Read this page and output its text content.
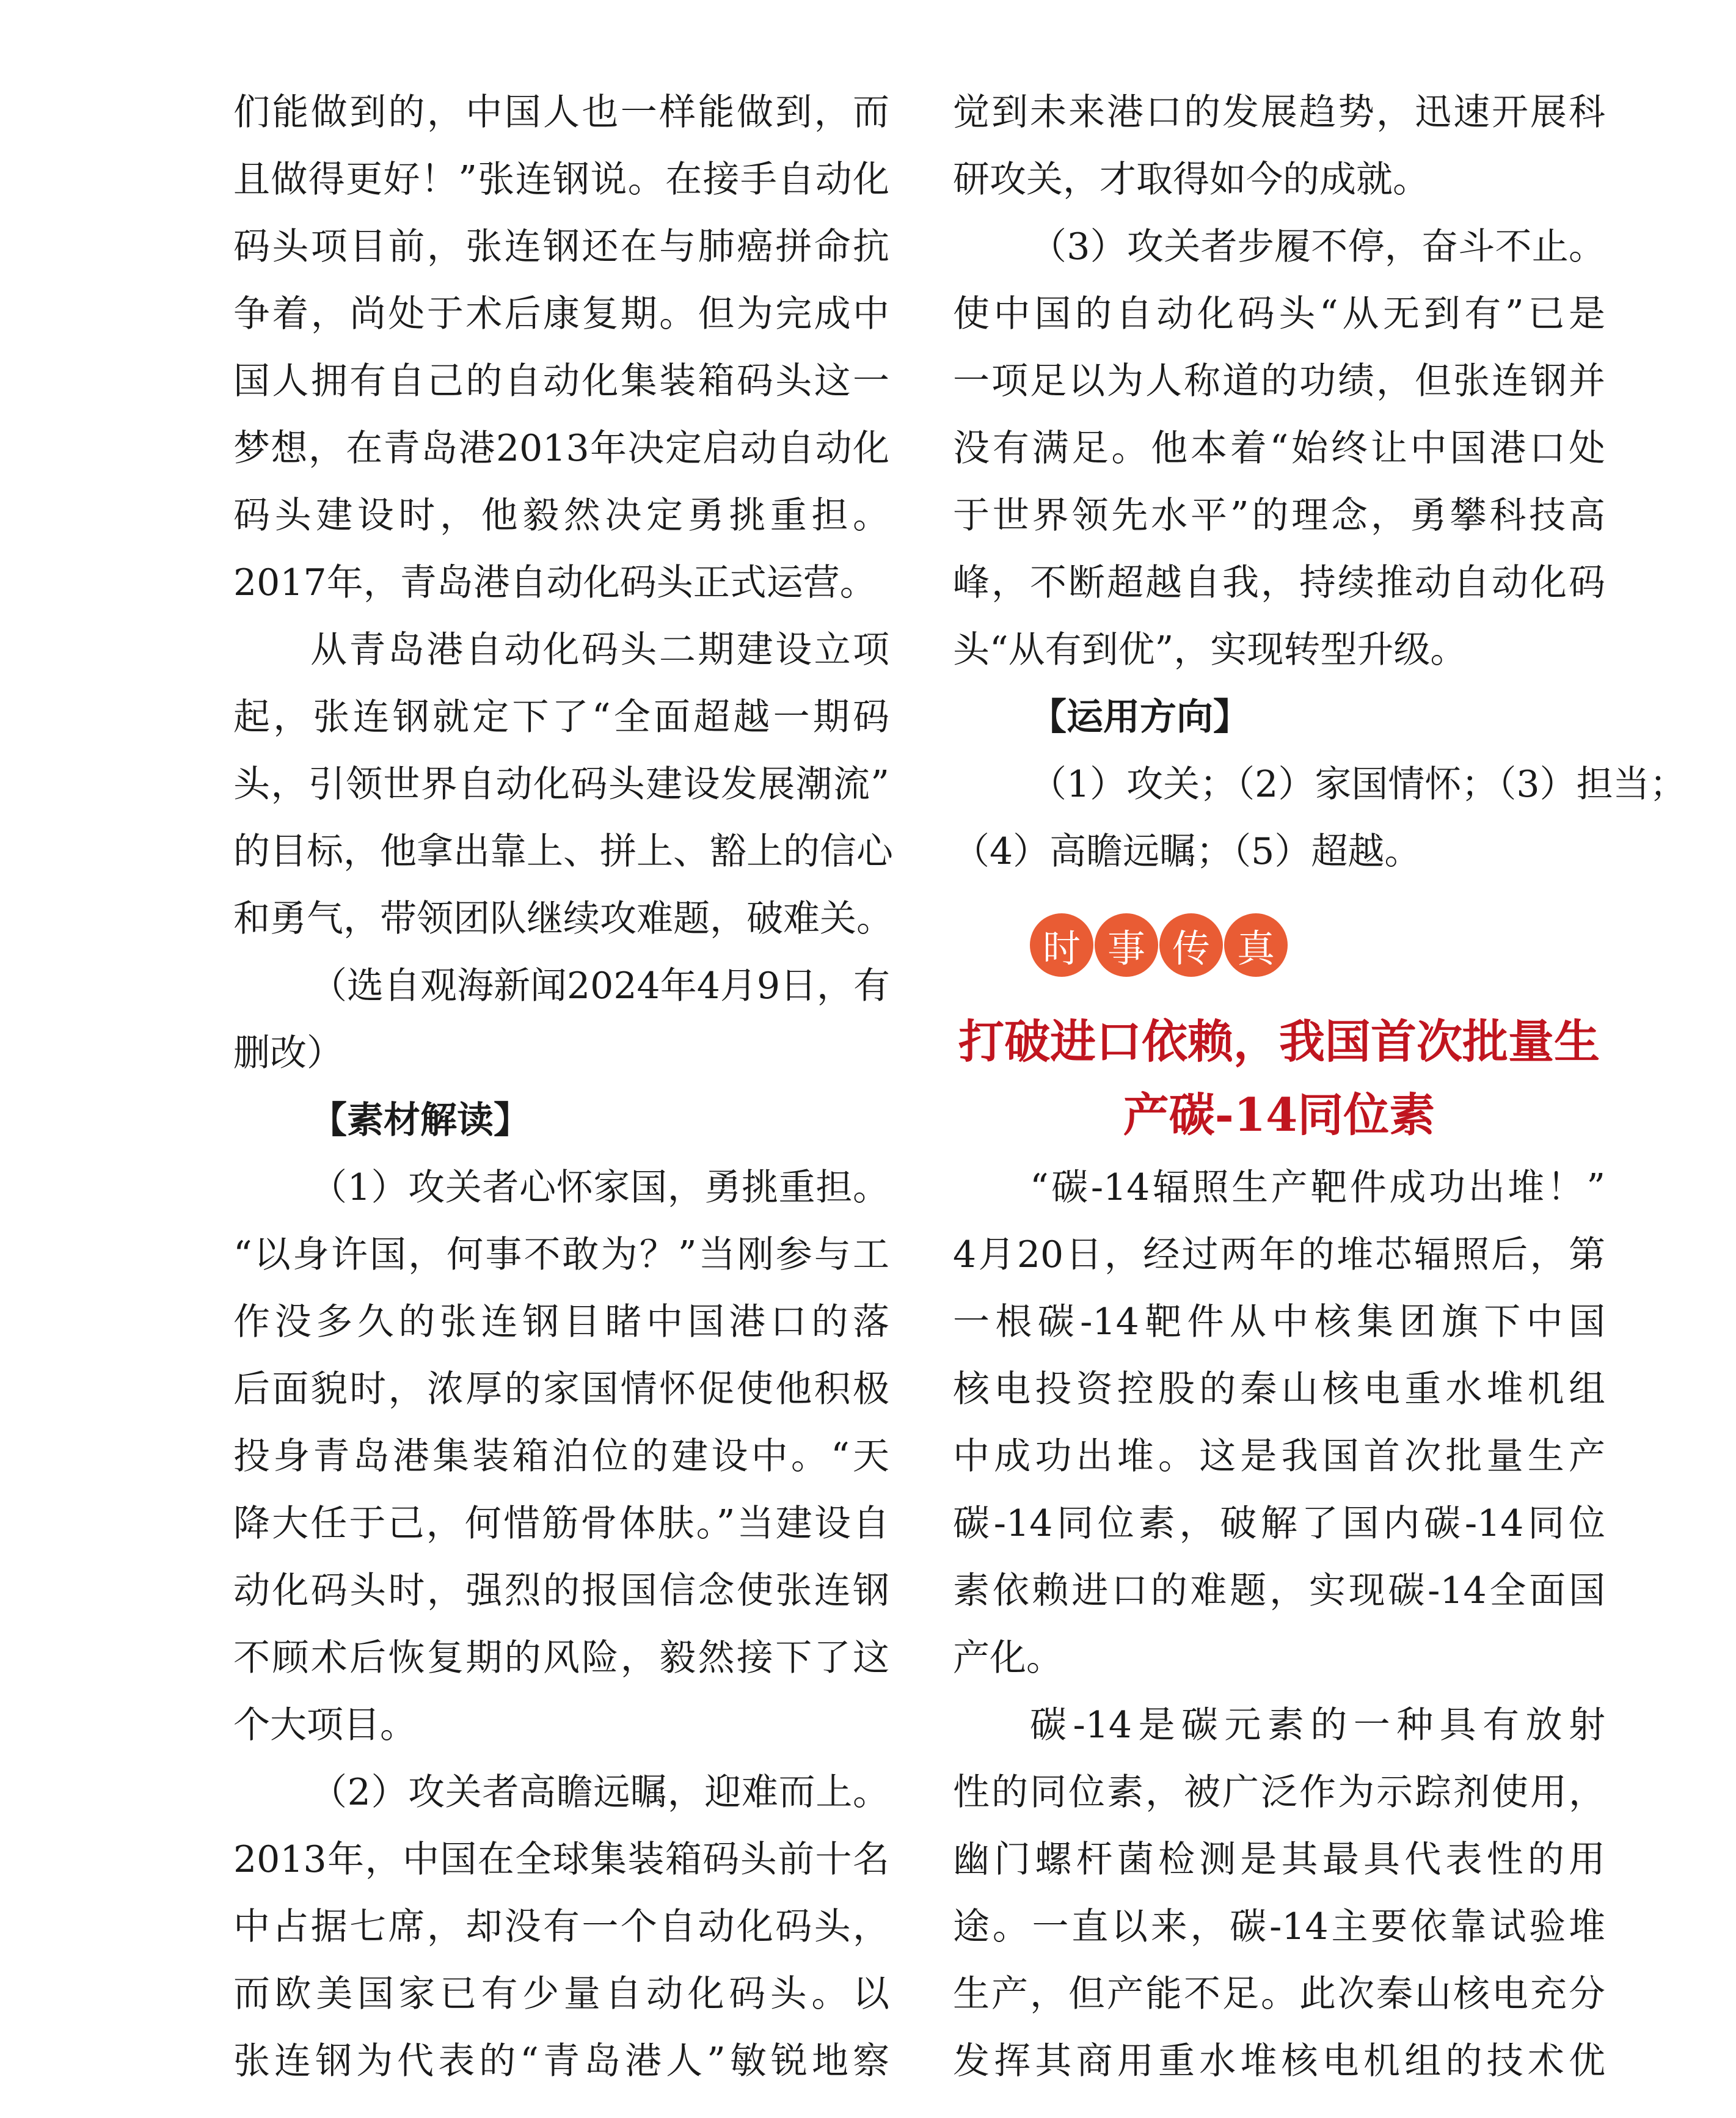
们能做到的，中国人也一样能做到，而
且做得更好！”张连钢说。在接手自动化
码头项目前，张连钢还在与肺癌拼命抗
争着，尚处于术后康复期。但为完成中
国人拥有自己的自动化集装箱码头这一
梦想，在青岛港2013年决定启动自动化
码头建设时，他毅然决定勇挑重担。
2017年，青岛港自动化码头正式运营。
从青岛港自动化码头二期建设立项
起，张连钢就定下了“全面超越一期码
头，引领世界自动化码头建设发展潮流”
的目标，他拿出靠上、拼上、豁上的信心
和勇气，带领团队继续攻难题，破难关。
（选自观海新闻2024年4月9日，有
删改）
【素材解读】
（1）攻关者心怀家国，勇挑重担。
“以身许国，何事不敢为？”当刚参与工
作没多久的张连钢目睹中国港口的落
后面貌时，浓厚的家国情怀促使他积极
投身青岛港集装箱泊位的建设中。“天
降大任于己，何惜筋骨体肤。”当建设自
动化码头时，强烈的报国信念使张连钢
不顾术后恢复期的风险，毅然接下了这
个大项目。
（2）攻关者高瞻远瞩，迎难而上。
2013年，中国在全球集装箱码头前十名
中占据七席，却没有一个自动化码头，
而欧美国家已有少量自动化码头。以
张连钢为代表的“青岛港人”敏锐地察
觉到未来港口的发展趋势，迅速开展科
研攻关，才取得如今的成就。
（3）攻关者步履不停，奋斗不止。
使中国的自动化码头“从无到有”已是
一项足以为人称道的功绩，但张连钢并
没有满足。他本着“始终让中国港口处
于世界领先水平”的理念，勇攀科技高
峰，不断超越自我，持续推动自动化码
头“从有到优”，实现转型升级。
【运用方向】
（1）攻关；（2）家国情怀；（3）担当；
（4）高瞻远瞩；（5）超越。
“碳-14辐照生产靶件成功出堆！”
4月20日，经过两年的堆芯辐照后，第
一根碳-14靶件从中核集团旗下中国
核电投资控股的秦山核电重水堆机组
中成功出堆。这是我国首次批量生产
碳-14同位素，破解了国内碳-14同位
素依赖进口的难题，实现碳-14全面国
产化。
碳-14是碳元素的一种具有放射
性的同位素，被广泛作为示踪剂使用，
幽门螺杆菌检测是其最具代表性的用
途。一直以来，碳-14主要依靠试验堆
生产，但产能不足。此次秦山核电充分
发挥其商用重水堆核电机组的技术优
时 事 传 真
打破进口依赖，我国首次批量生
产碳-14同位素
